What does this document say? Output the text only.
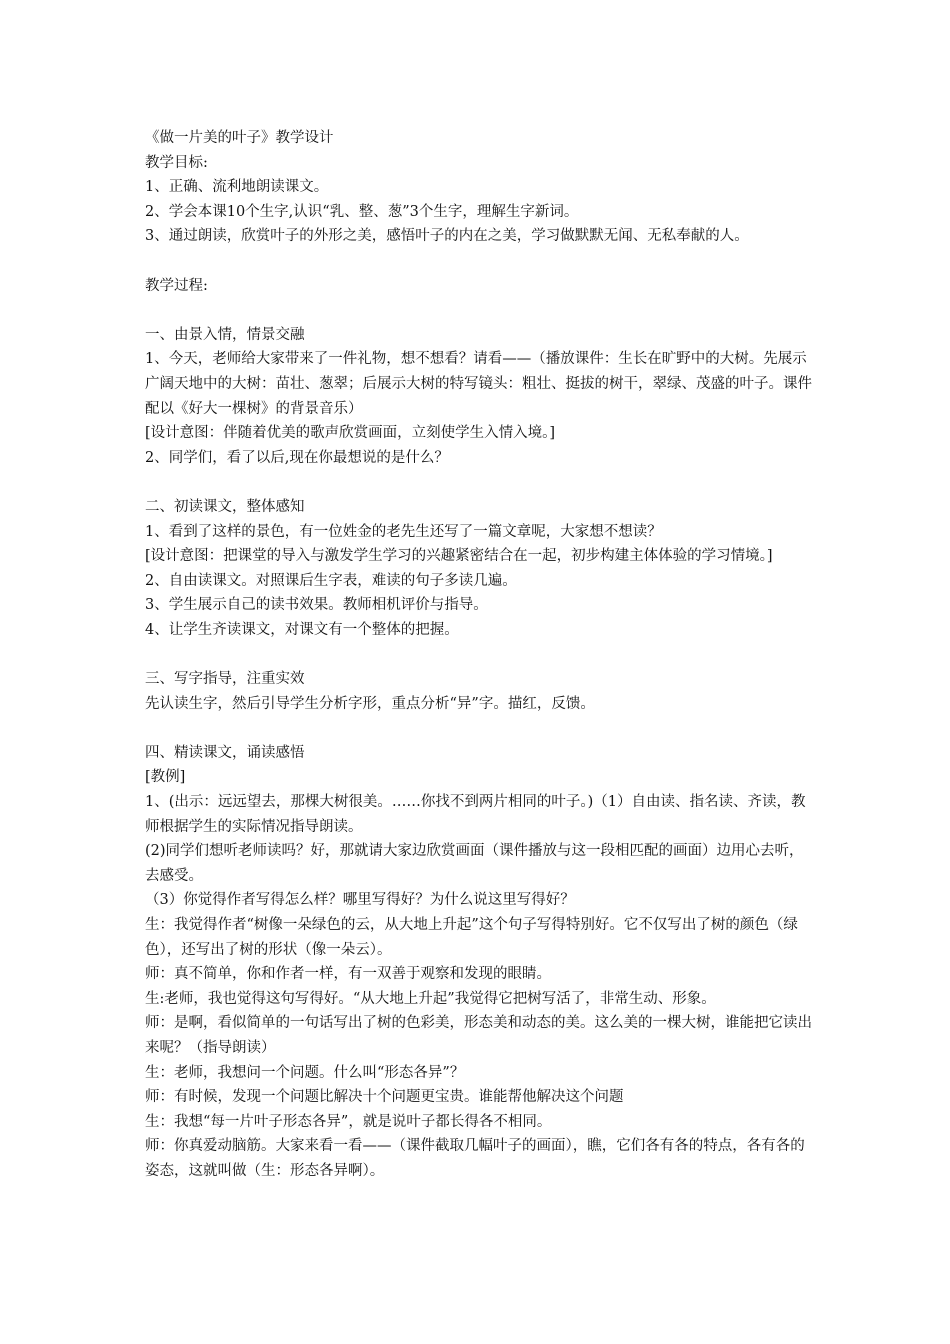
《做一片美的叶子》教学设计

教学目标:

1、正确、流利地朗读课文。

2、学会本课10个生字,认识“乳、整、葱”3个生字，理解生字新词。

3、通过朗读，欣赏叶子的外形之美，感悟叶子的内在之美，学习做默默无闻、无私奉献的人。

教学过程:

一、由景入情，情景交融

1、今天，老师给大家带来了一件礼物，想不想看？请看——（播放课件：生长在旷野中的大树。先展示广阔天地中的大树：苗壮、葱翠；后展示大树的特写镜头：粗壮、挺拔的树干，翠绿、茂盛的叶子。课件配以《好大一棵树》的背景音乐）

[设计意图：伴随着优美的歌声欣赏画面，立刻使学生入情入境。]

2、同学们，看了以后,现在你最想说的是什么？

二、初读课文，整体感知

1、看到了这样的景色，有一位姓金的老先生还写了一篇文章呢，大家想不想读？

[设计意图：把课堂的导入与激发学生学习的兴趣紧密结合在一起，初步构建主体体验的学习情境。]

2、自由读课文。对照课后生字表，难读的句子多读几遍。

3、学生展示自己的读书效果。教师相机评价与指导。

4、让学生齐读课文，对课文有一个整体的把握。

三、写字指导，注重实效

先认读生字，然后引导学生分析字形，重点分析“异”字。描红，反馈。

四、精读课文，诵读感悟

[教例]

1、(出示：远远望去，那棵大树很美。……你找不到两片相同的叶子。)（1）自由读、指名读、齐读，教师根据学生的实际情况指导朗读。

(2)同学们想听老师读吗？好，那就请大家边欣赏画面（课件播放与这一段相匹配的画面）边用心去听，去感受。

（3）你觉得作者写得怎么样？哪里写得好？为什么说这里写得好？

生：我觉得作者“树像一朵绿色的云，从大地上升起”这个句子写得特别好。它不仅写出了树的颜色（绿色），还写出了树的形状（像一朵云）。

师：真不简单，你和作者一样，有一双善于观察和发现的眼睛。

生:老师，我也觉得这句写得好。“从大地上升起”我觉得它把树写活了，非常生动、形象。

师：是啊，看似简单的一句话写出了树的色彩美，形态美和动态的美。这么美的一棵大树，谁能把它读出来呢？（指导朗读）

生：老师，我想问一个问题。什么叫“形态各异”？

师：有时候，发现一个问题比解决十个问题更宝贵。谁能帮他解决这个问题

生：我想“每一片叶子形态各异”，就是说叶子都长得各不相同。

师：你真爱动脑筋。大家来看一看——（课件截取几幅叶子的画面），瞧，它们各有各的特点，各有各的姿态，这就叫做（生：形态各异啊）。
